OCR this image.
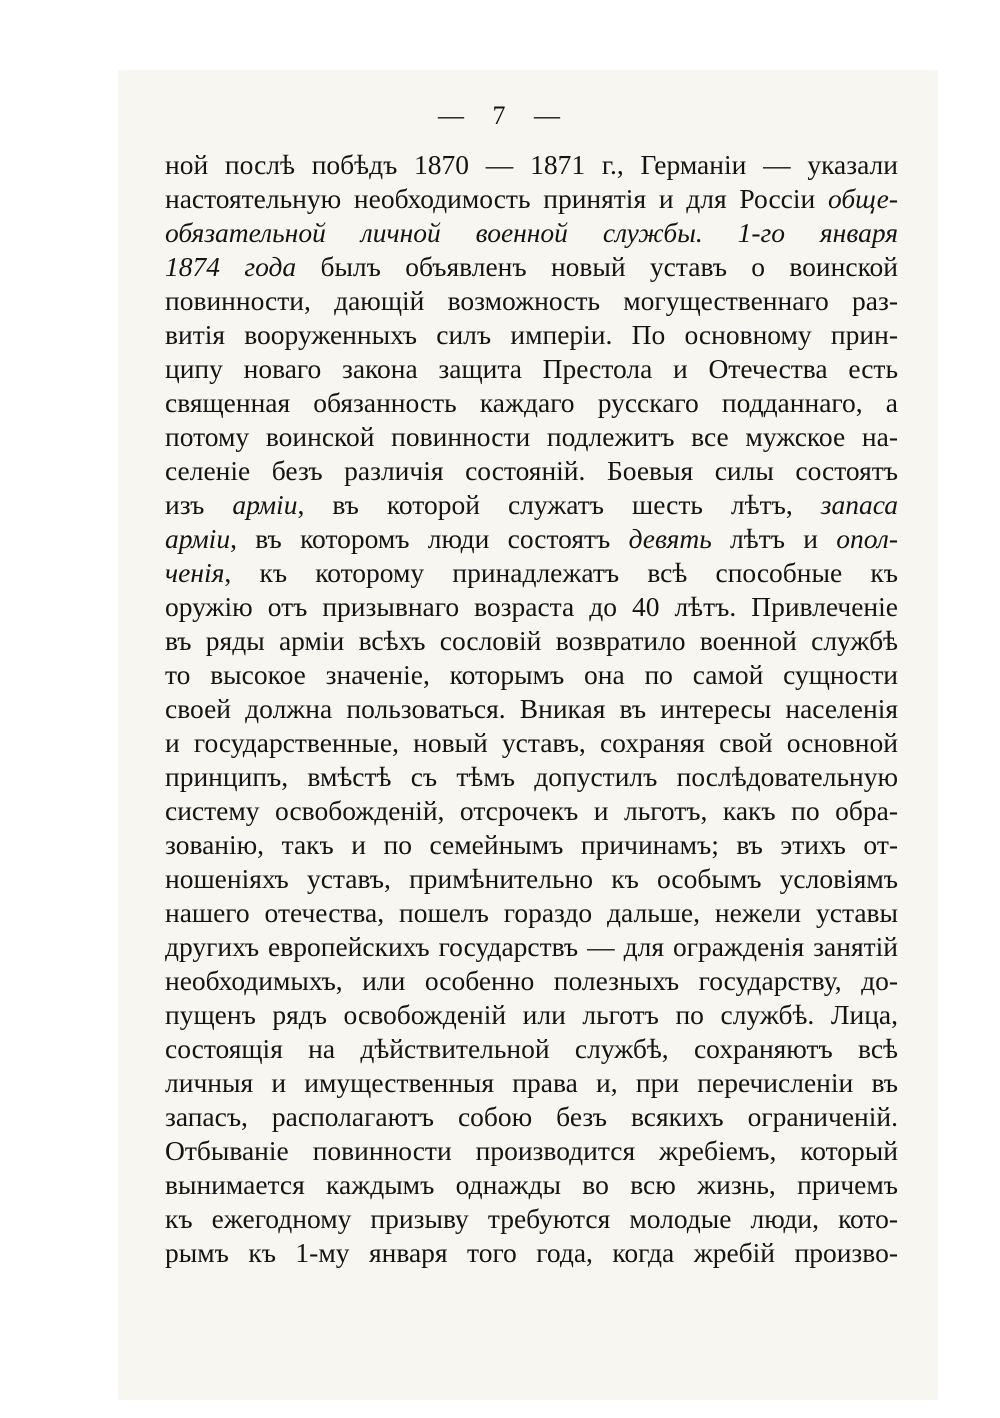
— 7 —
ной послѣ побѣдъ 1870 — 1871 г., Германіи — указали
настоятельную необходимость принятія и для Россіи обще-
обязательной личной военной службы. 1-го января
1874 года былъ объявленъ новый уставъ о воинской
повинности, дающій возможность могущественнаго раз-
витія вооруженныхъ силъ имперіи. По основному прин-
ципу новаго закона защита Престола и Отечества есть
священная обязанность каждаго русскаго подданнаго, а
потому воинской повинности подлежитъ все мужское на-
селеніе безъ различія состояній. Боевыя силы состоятъ
изъ арміи, въ которой служатъ шесть лѣтъ, запаса
арміи, въ которомъ люди состоятъ девять лѣтъ и опол-
ченія, къ которому принадлежатъ всѣ способные къ
оружію отъ призывнаго возраста до 40 лѣтъ. Привлеченіе
въ ряды арміи всѣхъ сословій возвратило военной службѣ
то высокое значеніе, которымъ она по самой сущности
своей должна пользоваться. Вникая въ интересы населенія
и государственные, новый уставъ, сохраняя свой основной
принципъ, вмѣстѣ съ тѣмъ допустилъ послѣдовательную
систему освобожденій, отсрочекъ и льготъ, какъ по обра-
зованію, такъ и по семейнымъ причинамъ; въ этихъ от-
ношеніяхъ уставъ, примѣнительно къ особымъ условіямъ
нашего отечества, пошелъ гораздо дальше, нежели уставы
другихъ европейскихъ государствъ — для огражденія занятій
необходимыхъ, или особенно полезныхъ государству, до-
пущенъ рядъ освобожденій или льготъ по службѣ. Лица,
состоящія на дѣйствительной службѣ, сохраняютъ всѣ
личныя и имущественныя права и, при перечисленіи въ
запасъ, располагаютъ собою безъ всякихъ ограниченій.
Отбываніе повинности производится жребіемъ, который
вынимается каждымъ однажды во всю жизнь, причемъ
къ ежегодному призыву требуются молодые люди, кото-
рымъ къ 1-му января того года, когда жребій произво-
